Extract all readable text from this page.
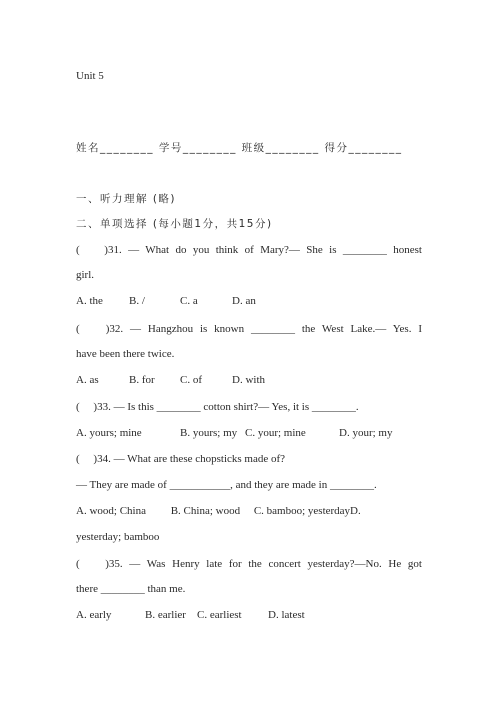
Unit 5
姓名________ 学号________ 班级________ 得分________
一、听力理解 (略)
二、单项选择 (每小题1分，共15分)
(　 )31. — What do you think of Mary?— She is ________ honest
girl.
A. the B. /	C. a	D. an
(　 )32. — Hangzhou is known ________ the West Lake.— Yes. I
have been there twice.
A. as	B. for C. of	D. with
(　 )33. — Is this ________ cotton shirt?— Yes, it is ________.
A. yours; mine	B. yours; my C. your; mine	D. your; my
(　 )34. — What are these chopsticks made of?
— They are made of ___________, and they are made in ________.
A. wood; China　　 B. China; wood　 C. bamboo; yesterdayD.
yesterday; bamboo
(　 )35. — Was Henry late for the concert yesterday?—No. He got
there ________ than me.
A. early	B. earlier C. earliest D. latest
